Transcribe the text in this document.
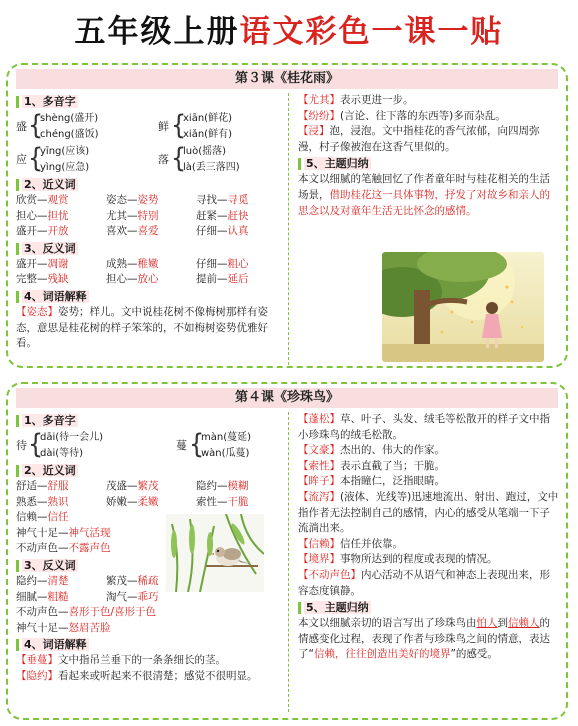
五年级上册语文彩色一课一贴
第３课《桂花雨》
1、多音字
盛 {
shèng(盛开)
chéng(盛饭)
鲜 {
xiān(鲜花)
xiǎn(鲜有)
应 {
yīng(应该)
yìng(应急)
落 {
luò(摇落)
là(丢三落四)
2、近义词
欣赏—观赏	姿态—姿势	寻找—寻觅
担心—担忧	尤其—特别	赶紧—赶快
盛开—开放	喜欢—喜爱	仔细—认真
3、反义词
盛开—凋谢	成熟—稚嫩	仔细—粗心
完整—残缺	担心—放心	提前—延后
4、词语解释
【姿态】姿势；样儿。文中说桂花树不像梅树那样有姿态，意思是桂花树的样子笨笨的，不如梅树姿势优雅好看。
【尤其】表示更进一步。
【纷纷】(言论、往下落的东西等)多而杂乱。
【浸】泡，浸泡。文中指桂花的香气浓郁，向四周弥漫，村子像被泡在这香气里似的。
5、主题归纳
本文以细腻的笔触回忆了作者童年时与桂花相关的生活场景，借助桂花这一具体事物，抒发了对故乡和亲人的思念以及对童年生活无比怀念的感情。
第４课《珍珠鸟》
1、多音字
待 {
dāi(待一会儿)
dài(等待)
蔓 {
màn(蔓延)
wàn(瓜蔓)
2、近义词
舒适—舒服	茂盛—繁茂	隐约—模糊
熟悉—熟识	娇嫩—柔嫩	索性—干脆
信赖—信任
神气十足—神气活现
不动声色—不露声色
3、反义词
隐约—清楚	繁茂—稀疏
细腻—粗糙	淘气—乖巧
不动声色—喜形于色/喜形于色
神气十足—怒眉苦脸
4、词语解释
【垂蔓】文中指吊兰垂下的一条条细长的茎。
【隐约】看起来或听起来不很清楚；感觉不很明显。
【蓬松】草、叶子、头发、绒毛等松散开的样子文中指小珍珠鸟的绒毛松散。
【文豪】杰出的、伟大的作家。
【索性】表示直截了当；干脆。
【眸子】本指瞳仁，泛指眼睛。
【流泻】(液体、光线等)迅速地流出、射出、跑过，文中指作者无法控制自己的感情，内心的感受从笔端一下子流淌出来。
【信赖】信任并依靠。
【境界】事物所达到的程度或表现的情况。
【不动声色】内心活动不从语气和神态上表现出来，形容态度镇静。
5、主题归纳
本文以细腻亲切的语言写出了珍珠鸟由怕人到信赖人的情感变化过程，表现了作者与珍珠鸟之间的情意，表达了“信赖，往往创造出美好的境界”的感受。
